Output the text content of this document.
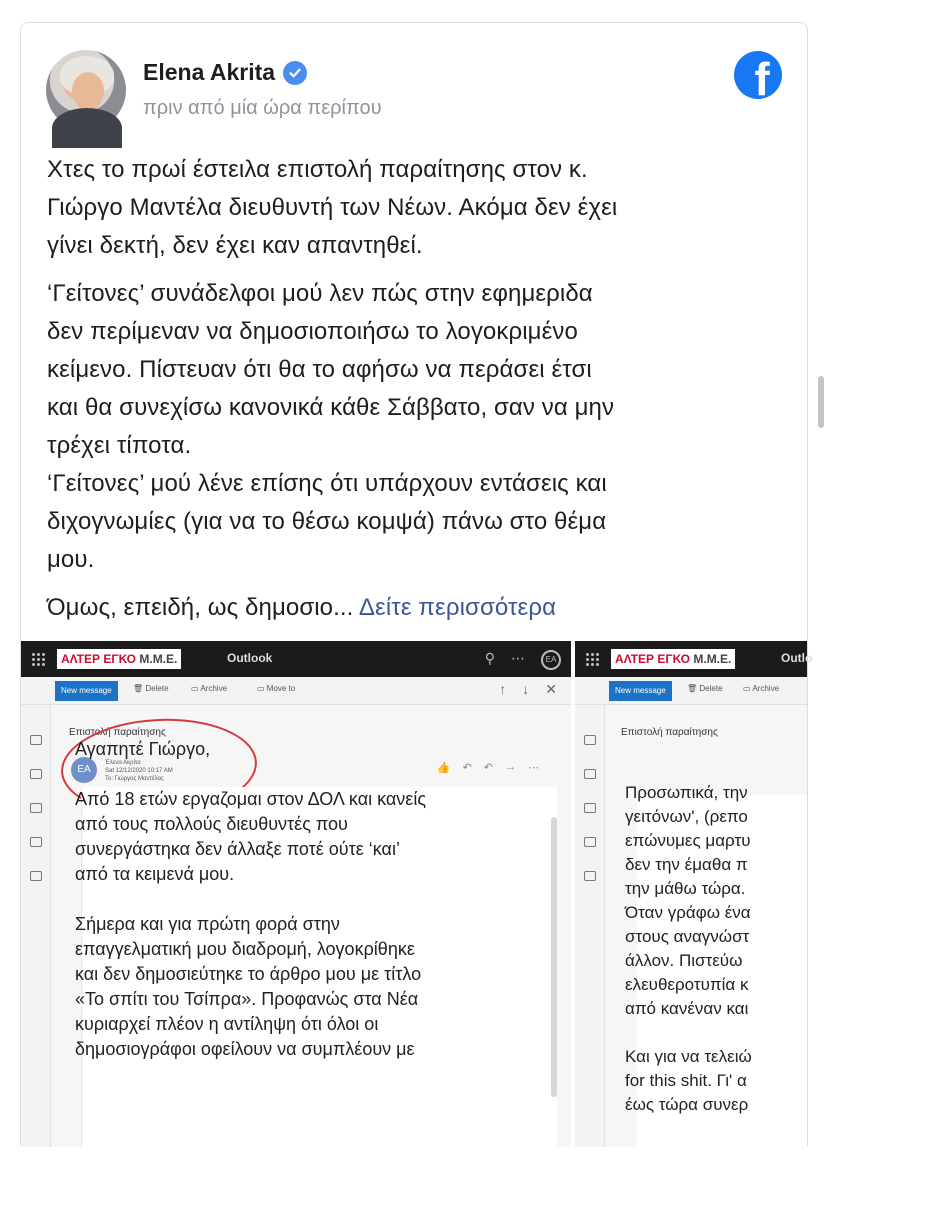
Elena Akrita
πριν από μία ώρα περίπου
f

Χτες το πρωί έστειλα επιστολή παραίτησης στον κ.
Γιώργο Μαντέλα διευθυντή των Νέων. Ακόμα δεν έχει
γίνει δεκτή, δεν έχει καν απαντηθεί.

‘Γείτονες’ συνάδελφοι μού λεν πώς στην εφημεριδα
δεν περίμεναν να δημοσιοποιήσω το λογοκριμένο
κείμενο. Πίστευαν ότι θα το αφήσω να περάσει έτσι
και θα συνεχίσω κανονικά κάθε Σάββατο, σαν να μην
τρέχει τίποτα.
‘Γείτονες’ μού λένε επίσης ότι υπάρχουν εντάσεις και
διχογνωμίες (για να το θέσω κομψά) πάνω στο θέμα
μου.

Όμως, επειδή, ως δημοσιο... Δείτε περισσότερα

ΑΛΤΕΡ ΕΓΚΟ Μ.Μ.Ε.	Outlook	⚲ ⋯	EA
New message	🗑 Delete	▭ Archive	▭ Move to	↑ ↓ ✕
Επιστολή παραίτησης
ΕΑ
Έλενα Ακρίτα
Sat 12/12/2020 10:17 AM
To: Γιώργος Μαντέλας
👍 ↶ ↶ → ⋯
Αγαπητέ Γιώργο,

Από 18 ετών εργαζομαι στον ΔΟΛ και κανείς
από τους πολλούς διευθυντές που
συνεργάστηκα δεν άλλαξε ποτέ ούτε ‘και’
από τα κειμενά μου.

Σήμερα και για πρώτη φορά στην
επαγγελματική μου διαδρομή, λογοκρίθηκε
και δεν δημοσιεύτηκε το άρθρο μου με τίτλο
«Το σπίτι του Τσίπρα». Προφανώς στα Νέα
κυριαρχεί πλέον η αντίληψη ότι όλοι οι
δημοσιογράφοι οφείλουν να συμπλέουν με
ΑΛΤΕΡ ΕΓΚΟ Μ.Μ.Ε.	Outlo
New message	🗑 Delete	▭ Archive
Επιστολή παραίτησης
Προσωπικά, την
γειτόνων', (ρεπο
επώνυμες μαρτυ
δεν την έμαθα π
την μάθω τώρα.
Όταν γράφω ένα
στους αναγνώστ
άλλον. Πιστεύω
ελευθεροτυπία κ
από κανέναν και

Και για να τελειώ
for this shit. Γι' α
έως τώρα συνερ
